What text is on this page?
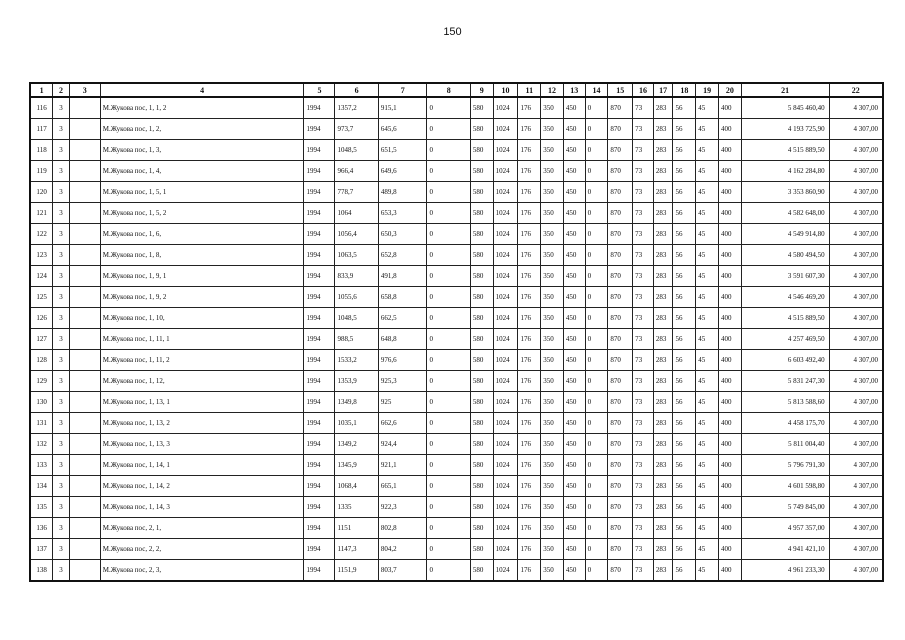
150
1	2	3	4	5	6	7	8	9	10	11	12	13	14	15	16	17	18	19	20	21	22
116	3		М.Жукова пос, 1, 1, 2	1994	1357,2	915,1	0	580	1024	176	350	450	0	870	73	283	56	45	400	5 845 460,40	4 307,00
117	3		М.Жукова пос, 1, 2,	1994	973,7	645,6	0	580	1024	176	350	450	0	870	73	283	56	45	400	4 193 725,90	4 307,00
118	3		М.Жукова пос, 1, 3,	1994	1048,5	651,5	0	580	1024	176	350	450	0	870	73	283	56	45	400	4 515 889,50	4 307,00
119	3		М.Жукова пос, 1, 4,	1994	966,4	649,6	0	580	1024	176	350	450	0	870	73	283	56	45	400	4 162 284,80	4 307,00
120	3		М.Жукова пос, 1, 5, 1	1994	778,7	489,8	0	580	1024	176	350	450	0	870	73	283	56	45	400	3 353 860,90	4 307,00
121	3		М.Жукова пос, 1, 5, 2	1994	1064	653,3	0	580	1024	176	350	450	0	870	73	283	56	45	400	4 582 648,00	4 307,00
122	3		М.Жукова пос, 1, 6,	1994	1056,4	650,3	0	580	1024	176	350	450	0	870	73	283	56	45	400	4 549 914,80	4 307,00
123	3		М.Жукова пос, 1, 8,	1994	1063,5	652,8	0	580	1024	176	350	450	0	870	73	283	56	45	400	4 580 494,50	4 307,00
124	3		М.Жукова пос, 1, 9, 1	1994	833,9	491,8	0	580	1024	176	350	450	0	870	73	283	56	45	400	3 591 607,30	4 307,00
125	3		М.Жукова пос, 1, 9, 2	1994	1055,6	658,8	0	580	1024	176	350	450	0	870	73	283	56	45	400	4 546 469,20	4 307,00
126	3		М.Жукова пос, 1, 10,	1994	1048,5	662,5	0	580	1024	176	350	450	0	870	73	283	56	45	400	4 515 889,50	4 307,00
127	3		М.Жукова пос, 1, 11, 1	1994	988,5	648,8	0	580	1024	176	350	450	0	870	73	283	56	45	400	4 257 469,50	4 307,00
128	3		М.Жукова пос, 1, 11, 2	1994	1533,2	976,6	0	580	1024	176	350	450	0	870	73	283	56	45	400	6 603 492,40	4 307,00
129	3		М.Жукова пос, 1, 12,	1994	1353,9	925,3	0	580	1024	176	350	450	0	870	73	283	56	45	400	5 831 247,30	4 307,00
130	3		М.Жукова пос, 1, 13, 1	1994	1349,8	925	0	580	1024	176	350	450	0	870	73	283	56	45	400	5 813 588,60	4 307,00
131	3		М.Жукова пос, 1, 13, 2	1994	1035,1	662,6	0	580	1024	176	350	450	0	870	73	283	56	45	400	4 458 175,70	4 307,00
132	3		М.Жукова пос, 1, 13, 3	1994	1349,2	924,4	0	580	1024	176	350	450	0	870	73	283	56	45	400	5 811 004,40	4 307,00
133	3		М.Жукова пос, 1, 14, 1	1994	1345,9	921,1	0	580	1024	176	350	450	0	870	73	283	56	45	400	5 796 791,30	4 307,00
134	3		М.Жукова пос, 1, 14, 2	1994	1068,4	665,1	0	580	1024	176	350	450	0	870	73	283	56	45	400	4 601 598,80	4 307,00
135	3		М.Жукова пос, 1, 14, 3	1994	1335	922,3	0	580	1024	176	350	450	0	870	73	283	56	45	400	5 749 845,00	4 307,00
136	3		М.Жукова пос, 2, 1,	1994	1151	802,8	0	580	1024	176	350	450	0	870	73	283	56	45	400	4 957 357,00	4 307,00
137	3		М.Жукова пос, 2, 2,	1994	1147,3	804,2	0	580	1024	176	350	450	0	870	73	283	56	45	400	4 941 421,10	4 307,00
138	3		М.Жукова пос, 2, 3,	1994	1151,9	803,7	0	580	1024	176	350	450	0	870	73	283	56	45	400	4 961 233,30	4 307,00
